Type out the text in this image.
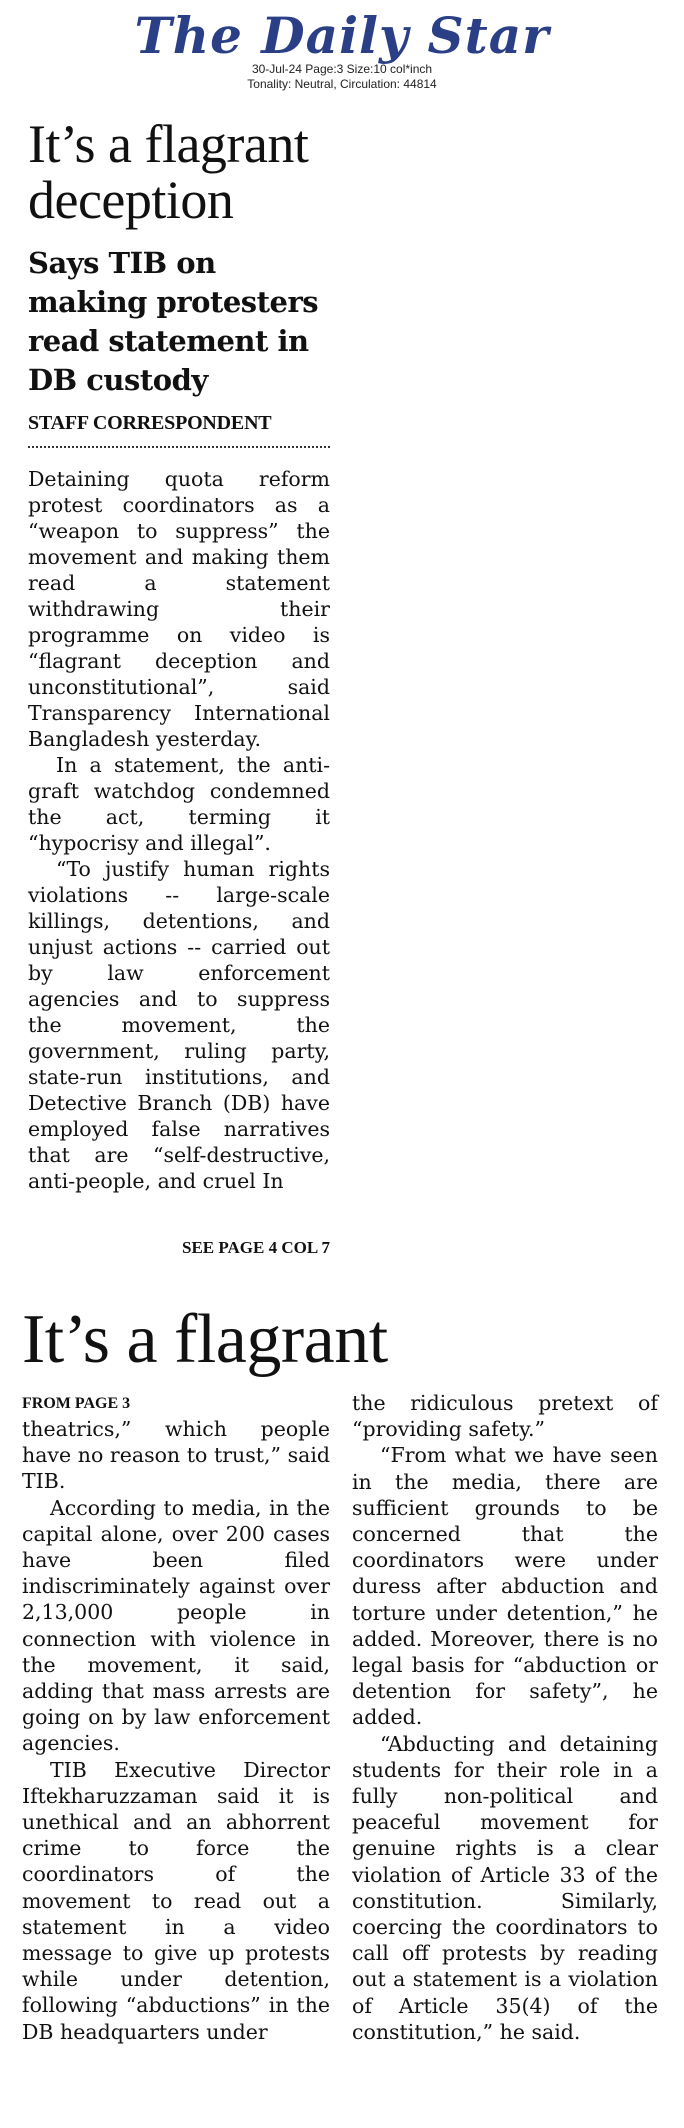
The Daily Star
30-Jul-24 Page:3 Size:10 col*inch
Tonality: Neutral, Circulation: 44814
It’s a flagrant deception
Says TIB on making protesters read statement in DB custody
STAFF CORRESPONDENT

Detaining quota reform protest coordinators as a “weapon to suppress” the movement and making them read a statement withdrawing their programme on video is “flagrant deception and unconstitutional”, said Transparency International Bangladesh yesterday.

In a statement, the anti-graft watchdog condemned the act, terming it “hypocrisy and illegal”.

“To justify human rights violations -- large-scale killings, detentions, and unjust actions -- carried out by law enforcement agencies and to suppress the movement, the government, ruling party, state-run institutions, and Detective Branch (DB) have employed false narratives that are “self-destructive, anti-people, and cruel In

SEE PAGE 4 COL 7
It’s a flagrant
FROM PAGE 3

theatrics,” which people have no reason to trust,” said TIB.

According to media, in the capital alone, over 200 cases have been filed indiscriminately against over 2,13,000 people in connection with violence in the movement, it said, adding that mass arrests are going on by law enforcement agencies.

TIB Executive Director Iftekharuzzaman said it is unethical and an abhorrent crime to force the coordinators of the movement to read out a statement in a video message to give up protests while under detention, following “abductions” in the DB headquarters under

the ridiculous pretext of “providing safety.”

“From what we have seen in the media, there are sufficient grounds to be concerned that the coordinators were under duress after abduction and torture under detention,” he added. Moreover, there is no legal basis for “abduction or detention for safety”, he added.

“Abducting and detaining students for their role in a fully non-political and peaceful movement for genuine rights is a clear violation of Article 33 of the constitution. Similarly, coercing the coordinators to call off protests by reading out a statement is a violation of Article 35(4) of the constitution,” he said.
